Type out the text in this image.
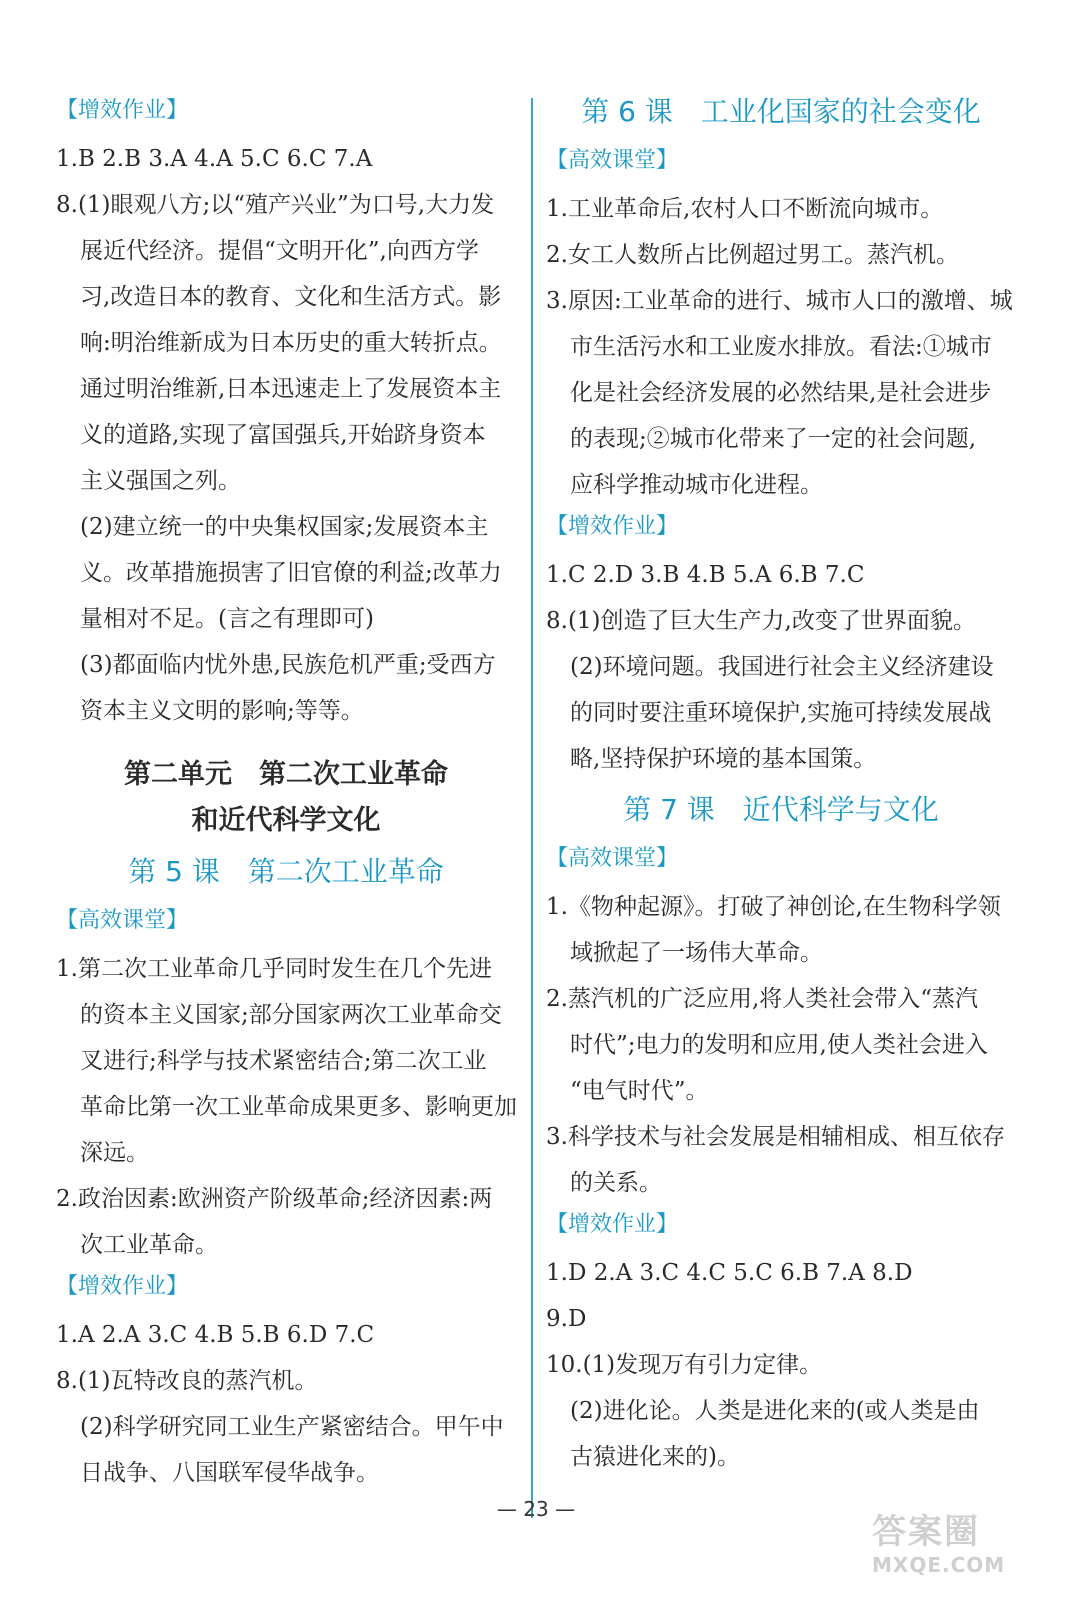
【增效作业】
1.B 2.B 3.A 4.A 5.C 6.C 7.A
8.(1)眼观八方;以“殖产兴业”为口号,大力发
展近代经济。提倡“文明开化”,向西方学
习,改造日本的教育、文化和生活方式。影
响:明治维新成为日本历史的重大转折点。
通过明治维新,日本迅速走上了发展资本主
义的道路,实现了富国强兵,开始跻身资本
主义强国之列。
(2)建立统一的中央集权国家;发展资本主
义。改革措施损害了旧官僚的利益;改革力
量相对不足。(言之有理即可)
(3)都面临内忧外患,民族危机严重;受西方
资本主义文明的影响;等等。
第二单元　第二次工业革命
和近代科学文化
第 5 课　第二次工业革命
【高效课堂】
1.第二次工业革命几乎同时发生在几个先进
的资本主义国家;部分国家两次工业革命交
叉进行;科学与技术紧密结合;第二次工业
革命比第一次工业革命成果更多、影响更加
深远。
2.政治因素:欧洲资产阶级革命;经济因素:两
次工业革命。
【增效作业】
1.A 2.A 3.C 4.B 5.B 6.D 7.C
8.(1)瓦特改良的蒸汽机。
(2)科学研究同工业生产紧密结合。甲午中
日战争、八国联军侵华战争。
第 6 课　工业化国家的社会变化
【高效课堂】
1.工业革命后,农村人口不断流向城市。
2.女工人数所占比例超过男工。蒸汽机。
3.原因:工业革命的进行、城市人口的激增、城
市生活污水和工业废水排放。看法:①城市
化是社会经济发展的必然结果,是社会进步
的表现;②城市化带来了一定的社会问题,
应科学推动城市化进程。
【增效作业】
1.C 2.D 3.B 4.B 5.A 6.B 7.C
8.(1)创造了巨大生产力,改变了世界面貌。
(2)环境问题。我国进行社会主义经济建设
的同时要注重环境保护,实施可持续发展战
略,坚持保护环境的基本国策。
第 7 课　近代科学与文化
【高效课堂】
1.《物种起源》。打破了神创论,在生物科学领
域掀起了一场伟大革命。
2.蒸汽机的广泛应用,将人类社会带入“蒸汽
时代”;电力的发明和应用,使人类社会进入
“电气时代”。
3.科学技术与社会发展是相辅相成、相互依存
的关系。
【增效作业】
1.D 2.A 3.C 4.C 5.C 6.B 7.A 8.D
9.D
10.(1)发现万有引力定律。
(2)进化论。人类是进化来的(或人类是由
古猿进化来的)。
— 23 —
答案圈
MXQE.COM
